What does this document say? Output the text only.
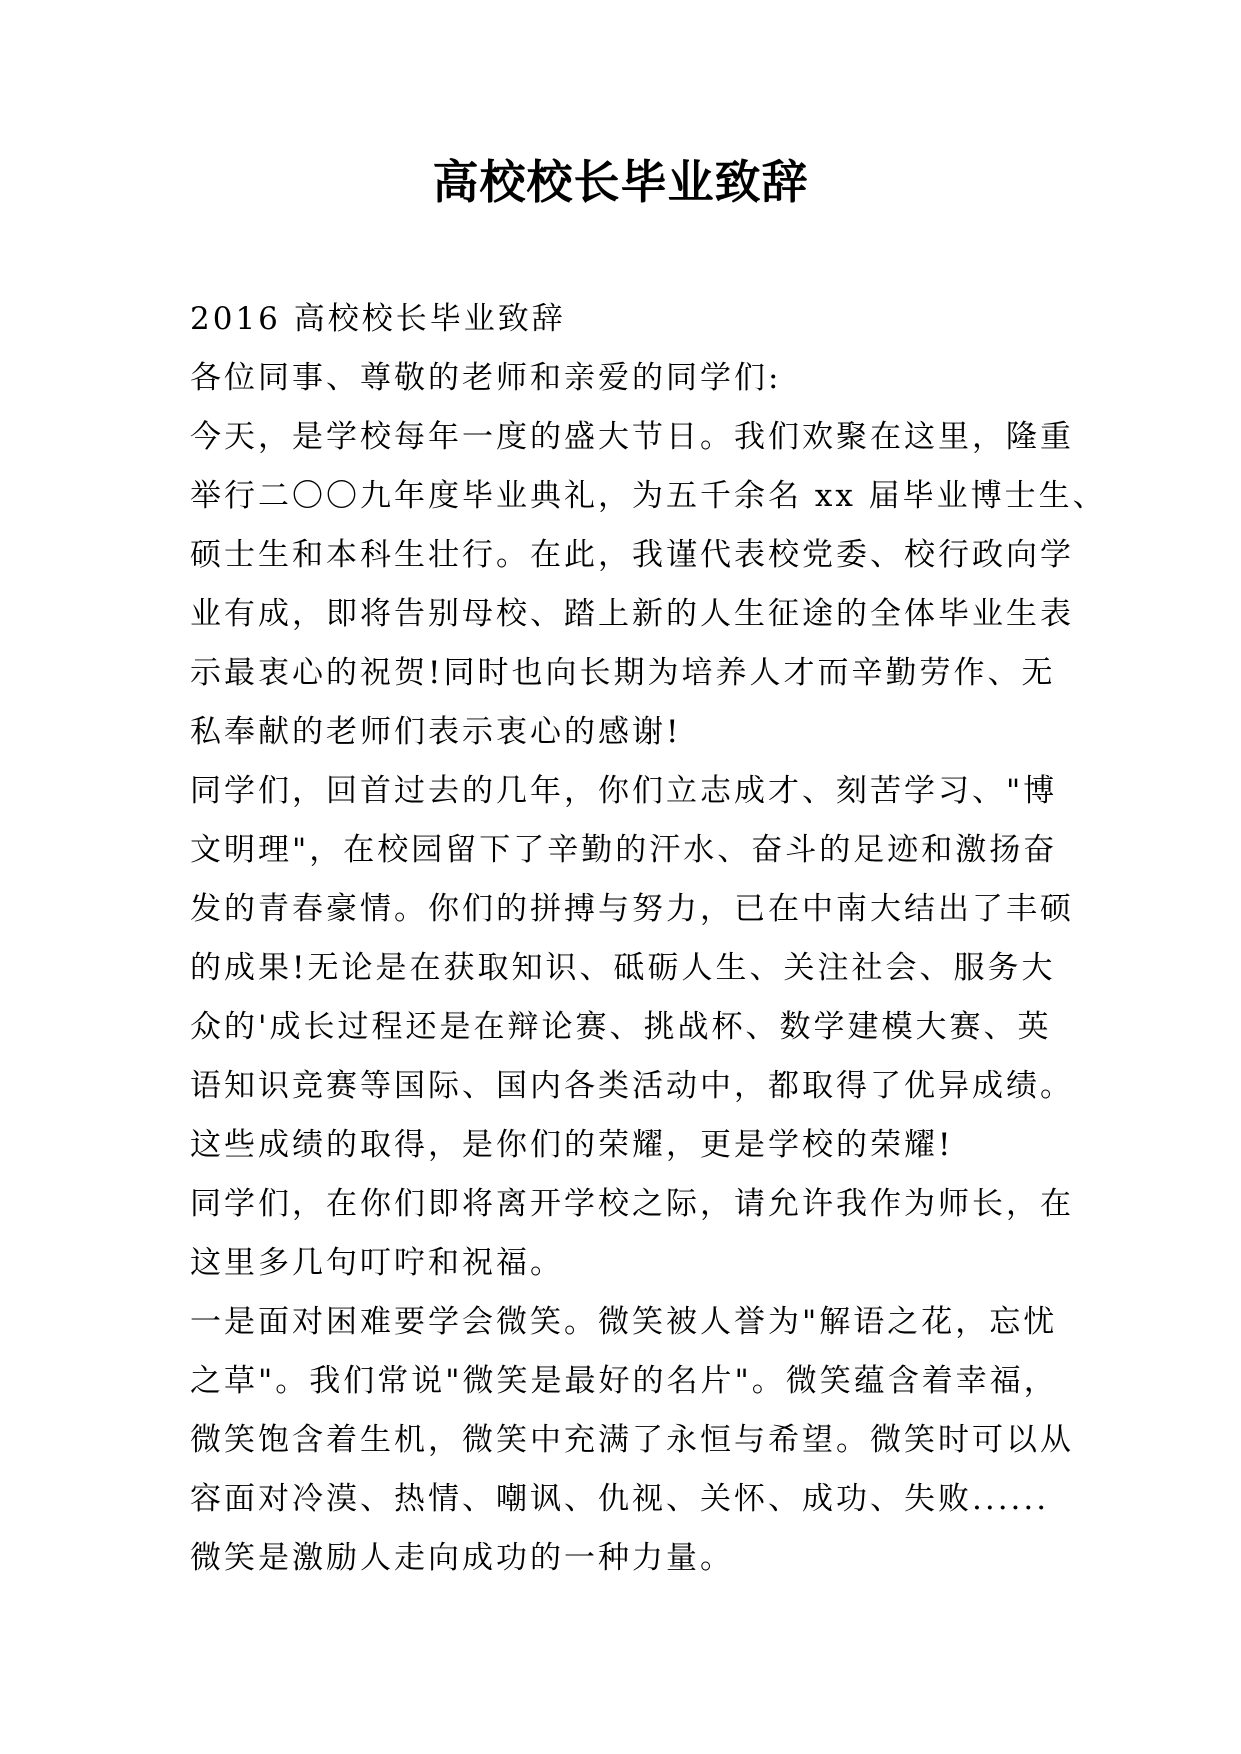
高校校长毕业致辞
2016 高校校长毕业致辞
各位同事、尊敬的老师和亲爱的同学们:
今天，是学校每年一度的盛大节日。我们欢聚在这里，隆重
举行二〇〇九年度毕业典礼，为五千余名 xx 届毕业博士生、
硕士生和本科生壮行。在此，我谨代表校党委、校行政向学
业有成，即将告别母校、踏上新的人生征途的全体毕业生表
示最衷心的祝贺!同时也向长期为培养人才而辛勤劳作、无
私奉献的老师们表示衷心的感谢!
同学们，回首过去的几年，你们立志成才、刻苦学习、"博
文明理"，在校园留下了辛勤的汗水、奋斗的足迹和激扬奋
发的青春豪情。你们的拼搏与努力，已在中南大结出了丰硕
的成果!无论是在获取知识、砥砺人生、关注社会、服务大
众的'成长过程还是在辩论赛、挑战杯、数学建模大赛、英
语知识竞赛等国际、国内各类活动中，都取得了优异成绩。
这些成绩的取得，是你们的荣耀，更是学校的荣耀!
同学们，在你们即将离开学校之际，请允许我作为师长，在
这里多几句叮咛和祝福。
一是面对困难要学会微笑。微笑被人誉为"解语之花，忘忧
之草"。我们常说"微笑是最好的名片"。微笑蕴含着幸福，
微笑饱含着生机，微笑中充满了永恒与希望。微笑时可以从
容面对冷漠、热情、嘲讽、仇视、关怀、成功、失败......
微笑是激励人走向成功的一种力量。
